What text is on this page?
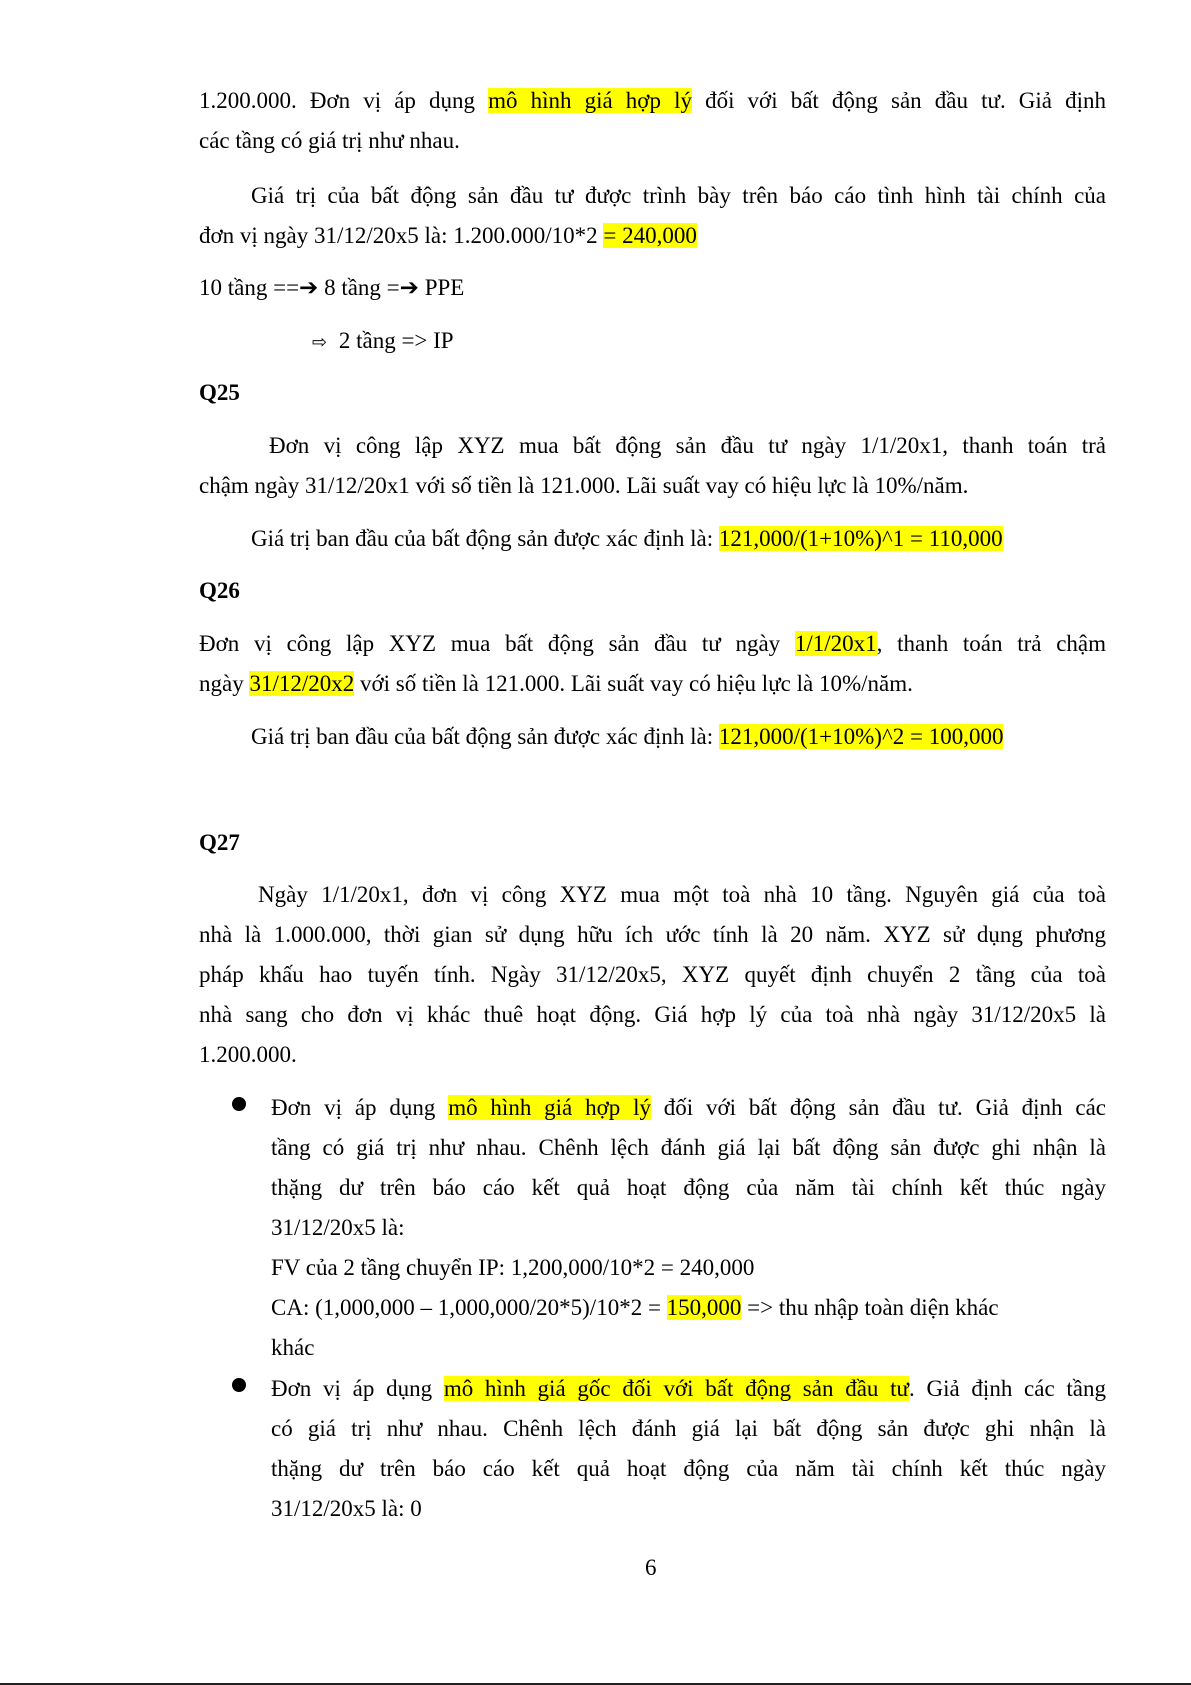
1.200.000. Đơn vị áp dụng mô hình giá hợp lý đối với bất động sản đầu tư. Giả định
các tầng có giá trị như nhau.
Giá trị của bất động sản đầu tư được trình bày trên báo cáo tình hình tài chính của
đơn vị ngày 31/12/20x5 là: 1.200.000/10*2 = 240,000
10 tầng ==➔ 8 tầng =➔ PPE
⇨ 2 tầng => IP
Q25
Đơn vị công lập XYZ mua bất động sản đầu tư ngày 1/1/20x1, thanh toán trả
chậm ngày 31/12/20x1 với số tiền là 121.000. Lãi suất vay có hiệu lực là 10%/năm.
Giá trị ban đầu của bất động sản được xác định là: 121,000/(1+10%)^1 = 110,000
Q26
Đơn vị công lập XYZ mua bất động sản đầu tư ngày 1/1/20x1, thanh toán trả chậm
ngày 31/12/20x2 với số tiền là 121.000. Lãi suất vay có hiệu lực là 10%/năm.
Giá trị ban đầu của bất động sản được xác định là: 121,000/(1+10%)^2 = 100,000
Q27
Ngày 1/1/20x1, đơn vị công XYZ mua một toà nhà 10 tầng. Nguyên giá của toà
nhà là 1.000.000, thời gian sử dụng hữu ích ước tính là 20 năm. XYZ sử dụng phương
pháp khấu hao tuyến tính. Ngày 31/12/20x5, XYZ quyết định chuyển 2 tầng của toà
nhà sang cho đơn vị khác thuê hoạt động. Giá hợp lý của toà nhà ngày 31/12/20x5 là
1.200.000.
Đơn vị áp dụng mô hình giá hợp lý đối với bất động sản đầu tư. Giả định các
tầng có giá trị như nhau. Chênh lệch đánh giá lại bất động sản được ghi nhận là
thặng dư trên báo cáo kết quả hoạt động của năm tài chính kết thúc ngày
31/12/20x5 là:
FV của 2 tầng chuyển IP: 1,200,000/10*2 = 240,000
CA: (1,000,000 – 1,000,000/20*5)/10*2 = 150,000 => thu nhập toàn diện khác
khác
Đơn vị áp dụng mô hình giá gốc đối với bất động sản đầu tư. Giả định các tầng
có giá trị như nhau. Chênh lệch đánh giá lại bất động sản được ghi nhận là
thặng dư trên báo cáo kết quả hoạt động của năm tài chính kết thúc ngày
31/12/20x5 là: 0
6
